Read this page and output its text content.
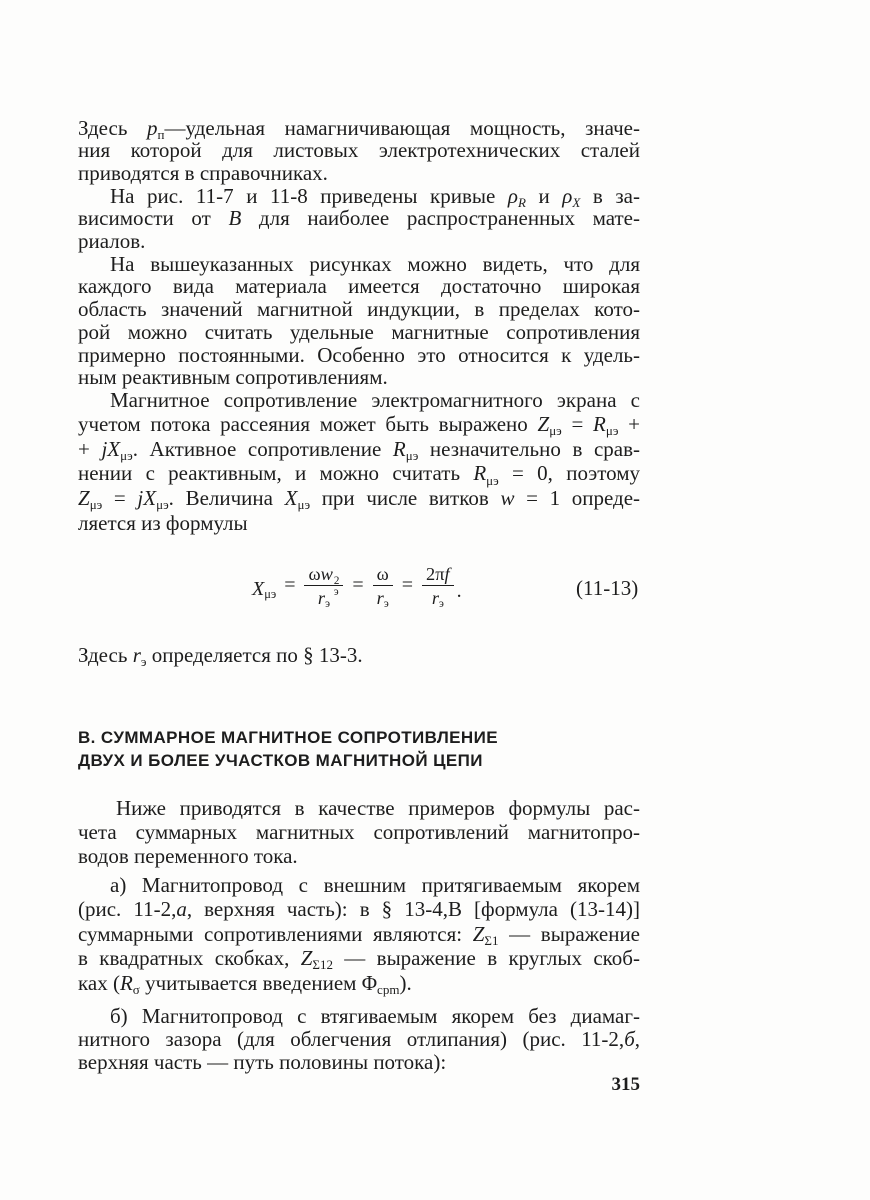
Здесь pп—удельная намагничивающая мощность, значе-
ния которой для листовых электротехнических сталей
приводятся в справочниках.
На рис. 11-7 и 11-8 приведены кривые ρR и ρX в за-
висимости от B для наиболее распространенных мате-
риалов.
На вышеуказанных рисунках можно видеть, что для
каждого вида материала имеется достаточно широкая
область значений магнитной индукции, в пределах кото-
рой можно считать удельные магнитные сопротивления
примерно постоянными. Особенно это относится к удель-
ным реактивным сопротивлениям.
Магнитное сопротивление электромагнитного экрана с
учетом потока рассеяния может быть выражено Zμэ = Rμэ +
+ jXμэ. Активное сопротивление Rμэ незначительно в срав-
нении с реактивным, и можно считать Rμэ = 0, поэтому
Zμэ = jXμэ. Величина Xμэ при числе витков w = 1 опреде-
ляется из формулы
Xμэ = ωw 2
э
rэ = $\frac{\omega}{rэ} = \frac{2\pi f}{rэ}$ .	(11-13)
Здесь rэ определяется по § 13-3.
В. СУММАРНОЕ МАГНИТНОЕ СОПРОТИВЛЕНИЕ
ДВУХ И БОЛЕЕ УЧАСТКОВ МАГНИТНОЙ ЦЕПИ
Ниже приводятся в качестве примеров формулы рас-
чета суммарных магнитных сопротивлений магнитопро-
водов переменного тока.
а) Магнитопровод с внешним притягиваемым якорем
(рис. 11-2,а, верхняя часть): в § 13-4,В [формула (13-14)]
суммарными сопротивлениями являются: ZΣ1 — выражение
в квадратных скобках, ZΣ12 — выражение в круглых скоб-
ках (Rσ учитывается введением Φсрm).
б) Магнитопровод с втягиваемым якорем без диамаг-
нитного зазора (для облегчения отлипания) (рис. 11-2,б,
верхняя часть — путь половины потока):
315
